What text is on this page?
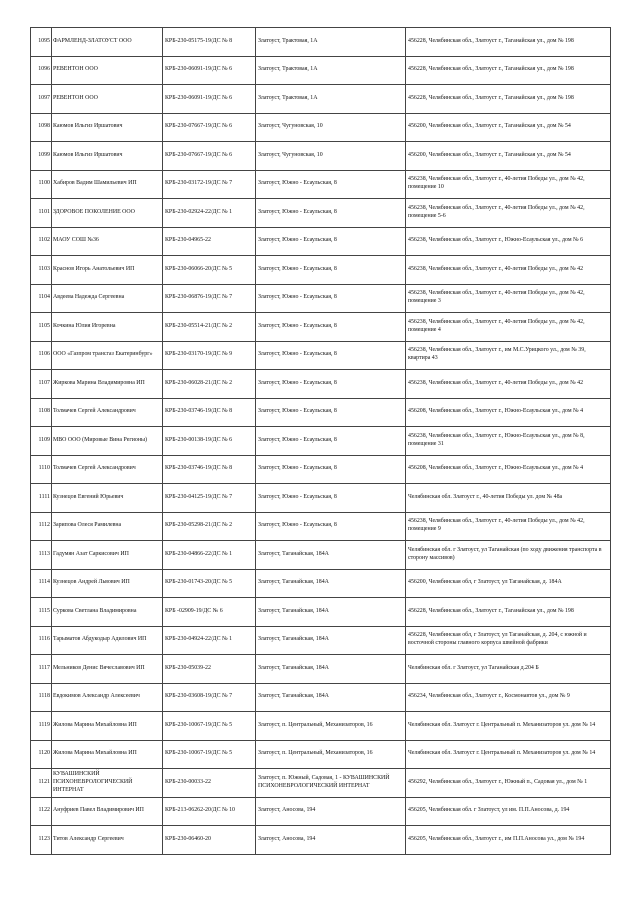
1095	ФАРМЛЕНД-ЗЛАТОУСТ ООО	КРБ-230-05175-19/ДС № 8	Златоуст, Трактовая, 1А	456228, Челябинская обл., Златоуст г., Таганайская ул., дом № 198
1096	РЕВЕНТОН ООО	КРБ-230-06091-19/ДС № 6	Златоуст, Трактовая, 1А	456228, Челябинская обл., Златоуст г., Таганайская ул., дом № 198
1097	РЕВЕНТОН ООО	КРБ-230-06091-19/ДС № 6	Златоуст, Трактовая, 1А	456228, Челябинская обл., Златоуст г., Таганайская ул., дом № 198
1098	Каюмов Ильгиз Иршатович	КРБ-230-07667-19/ДС № 6	Златоуст, Чугуновская, 10	456200, Челябинская обл., Златоуст г., Таганайская ул., дом № 54
1099	Каюмов Ильгиз Иршатович	КРБ-230-07667-19/ДС № 6	Златоуст, Чугуновская, 10	456200, Челябинская обл., Златоуст г., Таганайская ул., дом № 54
1100	Хабиров Вадим Шамильевич ИП	КРБ-230-03172-19/ДС № 7	Златоуст, Южно - Есаульская, 8	456238, Челябинская обл., Златоуст г., 40-летия Победы ул., дом № 42, помещение 10
1101	ЗДОРОВОЕ ПОКОЛЕНИЕ ООО	КРБ-230-02924-22/ДС № 1	Златоуст, Южно - Есаульская, 8	456238, Челябинская обл., Златоуст г., 40-летия Победы ул., дом № 42, помещение 5-6
1102	МАОУ СОШ №36	КРБ-230-04965-22	Златоуст, Южно - Есаульская, 8	456238, Челябинская обл., Златоуст г., Южно-Есаульская ул., дом № 6
1103	Краснов Игорь Анатольевич ИП	КРБ-230-06066-20/ДС № 5	Златоуст, Южно - Есаульская, 8	456238, Челябинская обл., Златоуст г., 40-летия Победы ул., дом № 42
1104	Авдеева Надежда Сергеевна	КРБ-230-06876-19/ДС № 7	Златоуст, Южно - Есаульская, 8	456238, Челябинская обл., Златоуст г., 40-летия Победы ул., дом № 42, помещение 3
1105	Кочкина Юлия Игоревна	КРБ-230-05514-21/ДС № 2	Златоуст, Южно - Есаульская, 8	456238, Челябинская обл., Златоуст г., 40-летия Победы ул., дом № 42, помещение 4
1106	ООО «Газпром трансгаз Екатеринбург»	КРБ-230-03170-19/ДС № 9	Златоуст, Южно - Есаульская, 8	456238, Челябинская обл., Златоуст г., им М.С.Урицкого ул., дом № 39, квартира 43
1107	Жиркова Марина Владимировна ИП	КРБ-230-06028-21/ДС № 2	Златоуст, Южно - Есаульская, 8	456238, Челябинская обл., Златоуст г., 40-летия Победы ул., дом № 42
1108	Толмачев Сергей Александрович	КРБ-230-03746-19/ДС № 8	Златоуст, Южно - Есаульская, 8	456208, Челябинская обл., Златоуст г., Южно-Есаульская ул., дом № 4
1109	МВО ООО (Мировые Вина Регионы)	КРБ-230-00138-19/ДС № 6	Златоуст, Южно - Есаульская, 8	456238, Челябинская обл., Златоуст г., Южно-Есаульская ул., дом № 8, помещение 31
1110	Толмачев Сергей Александрович	КРБ-230-03746-19/ДС № 8	Златоуст, Южно - Есаульская, 8	456208, Челябинская обл., Златоуст г., Южно-Есаульская ул., дом № 4
1111	Кузнецов Евгений Юрьевич	КРБ-230-04125-19/ДС № 7	Златоуст, Южно - Есаульская, 8	Челябинская обл. Златоуст г., 40-летия Победы ул. дом № 48а
1112	Зарипова Олеся Рамилевна	КРБ-230-05298-21/ДС № 2	Златоуст, Южно - Есаульская, 8	456238, Челябинская обл., Златоуст г., 40-летия Победы ул., дом № 42, помещение 9
1113	Гадумян Азат Саркисович ИП	КРБ-230-04866-22/ДС № 1	Златоуст, Таганайская, 184А	Челябинская обл. г Златоуст, ул Таганайская (по ходу движения транспорта в сторону массивов)
1114	Кузнецов Андрей Львович ИП	КРБ-230-01743-20/ДС № 5	Златоуст, Таганайская, 184А	456200, Челябинская обл, г Златоуст, ул Таганайская, д. 184А
1115	Суркова Светлана Владимировна	КРБ -02909-19/ДС № 6	Златоуст, Таганайская, 184А	456228, Челябинская обл., Златоуст г., Таганайская ул., дом № 198
1116	Тарыматов Абдукодыр Адилович ИП	КРБ-230-04924-22/ДС № 1	Златоуст, Таганайская, 184А	456228, Челябинская обл, г Златоуст, ул Таганайская, д. 204, с южной и восточной стороны главного корпуса швейной фабрики
1117	Мельников Денис Вячеславович ИП	КРБ-230-05039-22	Златоуст, Таганайская, 184А	Челябинская обл. г Златоуст, ул Таганайская д.204 Б
1118	Евдокимов Александр Алексеевич	КРБ-230-03608-19/ДС № 7	Златоуст, Таганайская, 184А	456234, Челябинская обл., Златоуст г., Космонавтов ул., дом № 9
1119	Жилова Марина Михайловна ИП	КРБ-230-10067-19/ДС № 5	Златоуст, п. Центральный, Механизаторов, 16	Челябинская обл. Златоуст г. Центральный п. Механизаторов ул. дом № 14
1120	Жилова Марина Михайловна ИП	КРБ-230-10067-19/ДС № 5	Златоуст, п. Центральный, Механизаторов, 16	Челябинская обл. Златоуст г. Центральный п. Механизаторов ул. дом № 14
1121	КУВАШИНСКИЙ ПСИХОНЕВРОЛОГИЧЕСКИЙ ИНТЕРНАТ	КРБ-230-00033-22	Златоуст, п. Южный, Садовая, 1 - КУВАШИНСКИЙ ПСИХОНЕВРОЛОГИЧЕСКИЙ ИНТЕРНАТ	456292, Челябинская обл., Златоуст г., Южный п., Садовая ул., дом № 1
1122	Ануфриев Павел Владимирович ИП	КРБ-213-06262-20/ДС № 10	Златоуст, Аносова, 194	456205, Челябинская обл. г Златоуст, ул им. П.П.Аносова, д. 194
1123	Титов Александр Сергеевич	КРБ-230-06460-20	Златоуст, Аносова, 194	456205, Челябинская обл., Златоуст г., им П.П.Аносова ул., дом № 194
